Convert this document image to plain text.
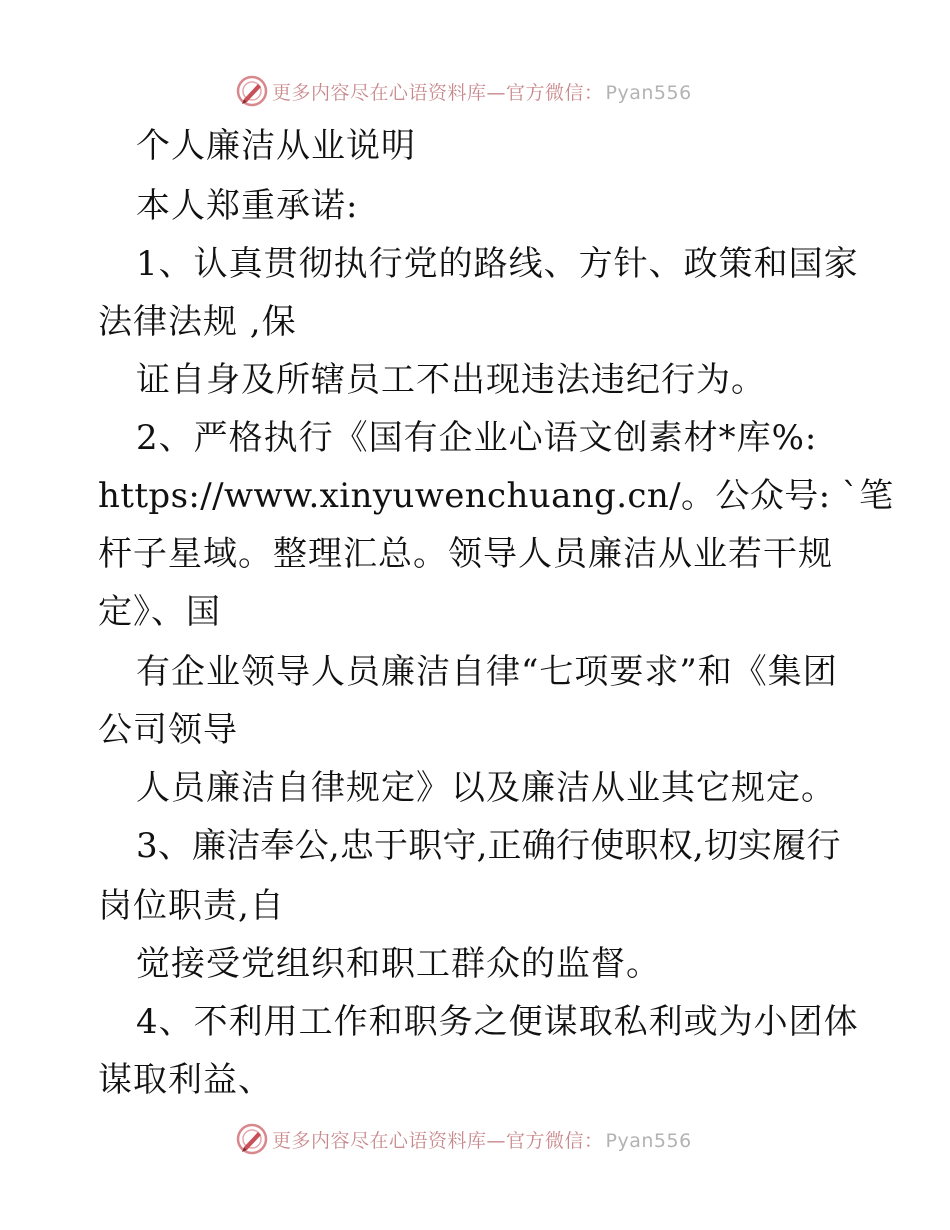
更多内容尽在心语资料库—官方微信： Pyan556
个人廉洁从业说明
本人郑重承诺:
1、认真贯彻执行党的路线、方针、政策和国家
法律法规 ,保
证自身及所辖员工不出现违法违纪行为。
2、严格执行《国有企业心语文创素材*库%:
https://www.xinyuwenchuang.cn/。公众号: `笔
杆子星域。整理汇总。领导人员廉洁从业若干规
定》、国
有企业领导人员廉洁自律“七项要求”和《集团
公司领导
人员廉洁自律规定》以及廉洁从业其它规定。
3、廉洁奉公,忠于职守,正确行使职权,切实履行
岗位职责,自
觉接受党组织和职工群众的监督。
4、不利用工作和职务之便谋取私利或为小团体
谋取利益、
更多内容尽在心语资料库—官方微信： Pyan556
